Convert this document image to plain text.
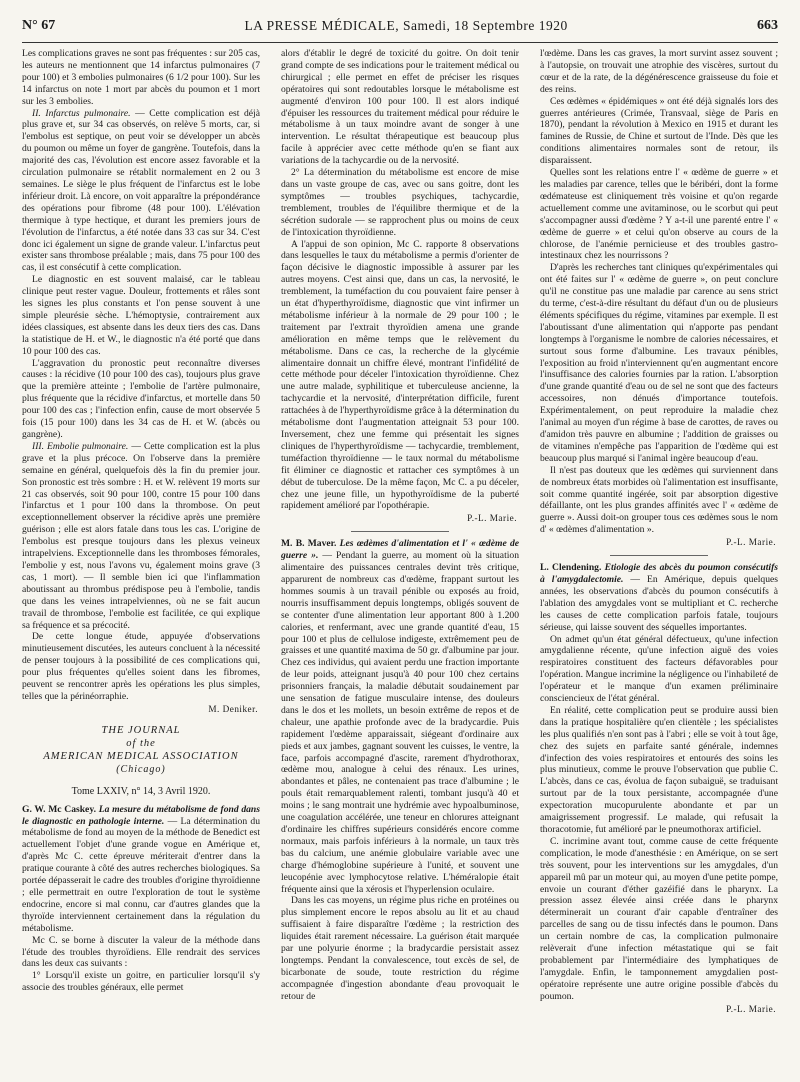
N° 67	LA PRESSE MÉDICALE, Samedi, 18 Septembre 1920	663

Les complications graves ne sont pas fréquentes : sur 205 cas, les auteurs ne mentionnent que 14 infarctus pulmonaires (7 pour 100) et 3 embolies pulmonaires (6 1/2 pour 100). Sur les 14 infarctus on note 1 mort par abcès du poumon et 1 mort sur les 3 embolies.

II. Infarctus pulmonaire. — Cette complication est déjà plus grave et, sur 34 cas observés, on relève 5 morts, car, si l'embolus est septique, on peut voir se développer un abcès du poumon ou même un foyer de gangrène. Toutefois, dans la majorité des cas, l'évolution est encore assez favorable et la circulation pulmonaire se rétablit normalement en 2 ou 3 semaines. Le siège le plus fréquent de l'infarctus est le lobe inférieur droit. Là encore, on voit apparaître la prépondérance des opérations pour fibrome (48 pour 100). L'élévation thermique à type hectique, et durant les premiers jours de l'évolution de l'infarctus, a été notée dans 33 cas sur 34. C'est donc ici également un signe de grande valeur. L'infarctus peut exister sans thrombose préalable ; mais, dans 75 pour 100 des cas, il est consécutif à cette complication.

Le diagnostic en est souvent malaisé, car le tableau clinique peut rester vague. Douleur, frottements et râles sont les signes les plus constants et l'on pense souvent à une simple pleurésie sèche. L'hémoptysie, contrairement aux idées classiques, est absente dans les deux tiers des cas. Dans la statistique de H. et W., le diagnostic n'a été porté que dans 10 pour 100 des cas.

L'aggravation du pronostic peut reconnaître diverses causes : la récidive (10 pour 100 des cas), toujours plus grave que la première atteinte ; l'embolie de l'artère pulmonaire, plus fréquente que la récidive d'infarctus, et mortelle dans 50 pour 100 des cas ; l'infection enfin, cause de mort observée 5 fois (15 pour 100) dans les 34 cas de H. et W. (abcès ou gangrène).

III. Embolie pulmonaire. — Cette complication est la plus grave et la plus précoce. On l'observe dans la première semaine en général, quelquefois dès la fin du premier jour. Son pronostic est très sombre : H. et W. relèvent 19 morts sur 21 cas observés, soit 90 pour 100, contre 15 pour 100 dans l'infarctus et 1 pour 100 dans la thrombose. On peut exceptionnellement observer la récidive après une première guérison ; elle est alors fatale dans tous les cas. L'origine de l'embolus est presque toujours dans les plexus veineux intrapelviens. Exceptionnelle dans les thromboses fémorales, l'embolie y est, nous l'avons vu, également moins grave (3 cas, 1 mort). — Il semble bien ici que l'inflammation aboutissant au thrombus prédispose peu à l'embolie, tandis que dans les veines intrapelviennes, où ne se fait aucun travail de thrombose, l'embolie est facilitée, ce qui explique sa fréquence et sa précocité.

De cette longue étude, appuyée d'observations minutieusement discutées, les auteurs concluent à la nécessité de penser toujours à la possibilité de ces complications qui, pour plus fréquentes qu'elles soient dans les fibromes, peuvent se rencontrer après les opérations les plus simples, telles que la périnéorraphie.

M. Deniker.
THE JOURNAL
of the
AMERICAN MEDICAL ASSOCIATION
(Chicago)
Tome LXXIV, n° 14, 3 Avril 1920.

G. W. Mc Caskey. La mesure du métabolisme de fond dans le diagnostic en pathologie interne. — La détermination du métabolisme de fond au moyen de la méthode de Benedict est actuellement l'objet d'une grande vogue en Amérique et, d'après Mc C. cette épreuve mériterait d'entrer dans la pratique courante à côté des autres recherches biologiques. Sa portée dépasserait le cadre des troubles d'origine thyroïdienne ; elle permettrait en outre l'exploration de tout le système endocrine, encore si mal connu, car d'autres glandes que la thyroïde interviennent certainement dans la régulation du métabolisme.

Mc C. se borne à discuter la valeur de la méthode dans l'étude des troubles thyroïdiens. Elle rendrait des services dans les deux cas suivants :

1° Lorsqu'il existe un goitre, en particulier lorsqu'il s'y associe des troubles généraux, elle permet

alors d'établir le degré de toxicité du goitre. On doit tenir grand compte de ses indications pour le traitement médical ou chirurgical ; elle permet en effet de préciser les risques opératoires qui sont redoutables lorsque le métabolisme est augmenté d'environ 100 pour 100. Il est alors indiqué d'épuiser les ressources du traitement médical pour réduire le métabolisme à un taux moindre avant de songer à une intervention. Le résultat thérapeutique est beaucoup plus facile à apprécier avec cette méthode qu'en se fiant aux variations de la tachycardie ou de la nervosité.

2° La détermination du métabolisme est encore de mise dans un vaste groupe de cas, avec ou sans goitre, dont les symptômes — troubles psychiques, tachycardie, tremblement, troubles de l'équilibre thermique et de la sécrétion sudorale — se rapprochent plus ou moins de ceux de l'intoxication thyroïdienne.

A l'appui de son opinion, Mc C. rapporte 8 observations dans lesquelles le taux du métabolisme a permis d'orienter de façon décisive le diagnostic impossible à assurer par les autres moyens. C'est ainsi que, dans un cas, la nervosité, le tremblement, la tuméfaction du cou pouvaient faire penser à un état d'hyperthyroïdisme, diagnostic que vint infirmer un métabolisme inférieur à la normale de 29 pour 100 ; le traitement par l'extrait thyroïdien amena une grande amélioration en même temps que le relèvement du métabolisme. Dans ce cas, la recherche de la glycémie alimentaire donnait un chiffre élevé, montrant l'infidélité de cette méthode pour déceler l'intoxication thyroïdienne. Chez une autre malade, syphilitique et tuberculeuse ancienne, la tachycardie et la nervosité, d'interprétation difficile, furent rattachées à de l'hyperthyroïdisme grâce à la détermination du métabolisme dont l'augmentation atteignait 53 pour 100. Inversement, chez une femme qui présentait les signes cliniques de l'hyperthyroïdisme — tachycardie, tremblement, tuméfaction thyroïdienne — le taux normal du métabolisme fit éliminer ce diagnostic et rattacher ces symptômes à un début de tuberculose. De la même façon, Mc C. a pu déceler, chez une jeune fille, un hypothyroïdisme de la puberté rapidement amélioré par l'opothérapie.

P.-L. Marie.

M. B. Maver. Les œdèmes d'alimentation et l' « œdème de guerre ». — Pendant la guerre, au moment où la situation alimentaire des puissances centrales devint très critique, apparurent de nombreux cas d'œdème, frappant surtout les hommes soumis à un travail pénible ou exposés au froid, nourris insuffisamment depuis longtemps, obligés souvent de se contenter d'une alimentation leur apportant 800 à 1.200 calories, et renfermant, avec une grande quantité d'eau, 15 pour 100 et plus de cellulose indigeste, extrêmement peu de graisses et une quantité maxima de 50 gr. d'albumine par jour. Chez ces individus, qui avaient perdu une fraction importante de leur poids, atteignant jusqu'à 40 pour 100 chez certains prisonniers français, la maladie débutait soudainement par une sensation de fatigue musculaire intense, des douleurs dans le dos et les mollets, un besoin extrême de repos et de chaleur, une apathie profonde avec de la bradycardie. Puis rapidement l'œdème apparaissait, siégeant d'ordinaire aux pieds et aux jambes, gagnant souvent les cuisses, le ventre, la face, parfois accompagné d'ascite, rarement d'hydrothorax, œdème mou, analogue à celui des rénaux. Les urines, abondantes et pâles, ne contenaient pas trace d'albumine ; le pouls était remarquablement ralenti, tombant jusqu'à 40 et moins ; le sang montrait une hydrémie avec hypoalbuminose, une coagulation accélérée, une teneur en chlorures atteignant d'ordinaire les chiffres supérieurs considérés encore comme normaux, mais parfois inférieurs à la normale, un taux très bas du calcium, une anémie globulaire variable avec une charge d'hémoglobine supérieure à l'unité, et souvent une leucopénie avec lymphocytose relative. L'héméralopie était fréquente ainsi que la xérosis et l'hyperlension oculaire.

Dans les cas moyens, un régime plus riche en protéines ou plus simplement encore le repos absolu au lit et au chaud suffisaient à faire disparaître l'œdème ; la restriction des liquides était rarement nécessaire. La guérison était marquée par une polyurie énorme ; la bradycardie persistait assez longtemps. Pendant la convalescence, tout excès de sel, de bicarbonate de soude, toute restriction du régime accompagnée d'ingestion abondante d'eau provoquait le retour de

l'œdème. Dans les cas graves, la mort survint assez souvent ; à l'autopsie, on trouvait une atrophie des viscères, surtout du cœur et de la rate, de la dégénérescence graisseuse du foie et des reins.

Ces œdèmes « épidémiques » ont été déjà signalés lors des guerres antérieures (Crimée, Transvaal, siège de Paris en 1870), pendant la révolution à Mexico en 1915 et durant les famines de Russie, de Chine et surtout de l'Inde. Dès que les conditions alimentaires normales sont de retour, ils disparaissent.

Quelles sont les relations entre l' « œdème de guerre » et les maladies par carence, telles que le béribéri, dont la forme œdémateuse est cliniquement très voisine et qu'on regarde actuellement comme une avitaminose, ou le scorbut qui peut s'accompagner aussi d'œdème ? Y a-t-il une parenté entre l' « œdème de guerre » et celui qu'on observe au cours de la chlorose, de l'anémie pernicieuse et des troubles gastro-intestinaux chez les nourrissons ?

D'après les recherches tant cliniques qu'expérimentales qui ont été faites sur l' « œdème de guerre », on peut conclure qu'il ne constitue pas une maladie par carence au sens strict du terme, c'est-à-dire résultant du défaut d'un ou de plusieurs éléments spécifiques du régime, vitamines par exemple. Il est l'aboutissant d'une alimentation qui n'apporte pas pendant longtemps à l'organisme le nombre de calories nécessaires, et surtout sous forme d'albumine. Les travaux pénibles, l'exposition au froid n'interviennent qu'en augmentant encore l'insuffisance des calories fournies par la ration. L'absorption d'une grande quantité d'eau ou de sel ne sont que des facteurs accessoires, non dénués d'importance toutefois. Expérimentalement, on peut reproduire la maladie chez l'animal au moyen d'un régime à base de carottes, de raves ou d'amidon très pauvre en albumine ; l'addition de graisses ou de vitamines n'empêche pas l'apparition de l'œdème qui est beaucoup plus marqué si l'animal ingère beaucoup d'eau.

Il n'est pas douteux que les œdèmes qui surviennent dans de nombreux états morbides où l'alimentation est insuffisante, soit comme quantité ingérée, soit par absorption digestive défaillante, ont les plus grandes affinités avec l' « œdème de guerre ». Aussi doit-on grouper tous ces œdèmes sous le nom d' « œdèmes d'alimentation ».

P.-L. Marie.

L. Clendening. Etiologie des abcès du poumon consécutifs à l'amygdalectomie. — En Amérique, depuis quelques années, les observations d'abcès du poumon consécutifs à l'ablation des amygdales vont se multipliant et C. recherche les causes de cette complication parfois fatale, toujours sérieuse, qui laisse souvent des séquelles importantes.

On admet qu'un état général défectueux, qu'une infection amygdalienne récente, qu'une infection aiguë des voies respiratoires constituent des facteurs défavorables pour l'opération. Mangue incrimine la négligence ou l'inhabileté de l'opérateur et le manque d'un examen préliminaire consciencieux de l'état général.

En réalité, cette complication peut se produire aussi bien dans la pratique hospitalière qu'en clientèle ; les spécialistes les plus qualifiés n'en sont pas à l'abri ; elle se voit à tout âge, chez des sujets en parfaite santé générale, indemnes d'infection des voies respiratoires et entourés des soins les plus minutieux, comme le prouve l'observation que publie C. L'abcès, dans ce cas, évolua de façon subaiguë, se traduisant surtout par de la toux persistante, accompagnée d'une expectoration mucopurulente abondante et par un amaigrissement progressif. Le malade, qui refusait la thoracotomie, fut amélioré par le pneumothorax artificiel.

C. incrimine avant tout, comme cause de cette fréquente complication, le mode d'anesthésie : en Amérique, on se sert très souvent, pour les interventions sur les amygdales, d'un appareil mû par un moteur qui, au moyen d'une petite pompe, envoie un courant d'éther gazéifié dans le pharynx. La pression assez élevée ainsi créée dans le pharynx déterminerait un courant d'air capable d'entraîner des parcelles de sang ou de tissu infectés dans le poumon. Dans un certain nombre de cas, la complication pulmonaire relèverait d'une infection métastatique qui se fait probablement par l'intermédiaire des lymphatiques de l'amygdale. Enfin, le tamponnement amygdalien post-opératoire représente une autre origine possible d'abcès du poumon.

P.-L. Marie.
